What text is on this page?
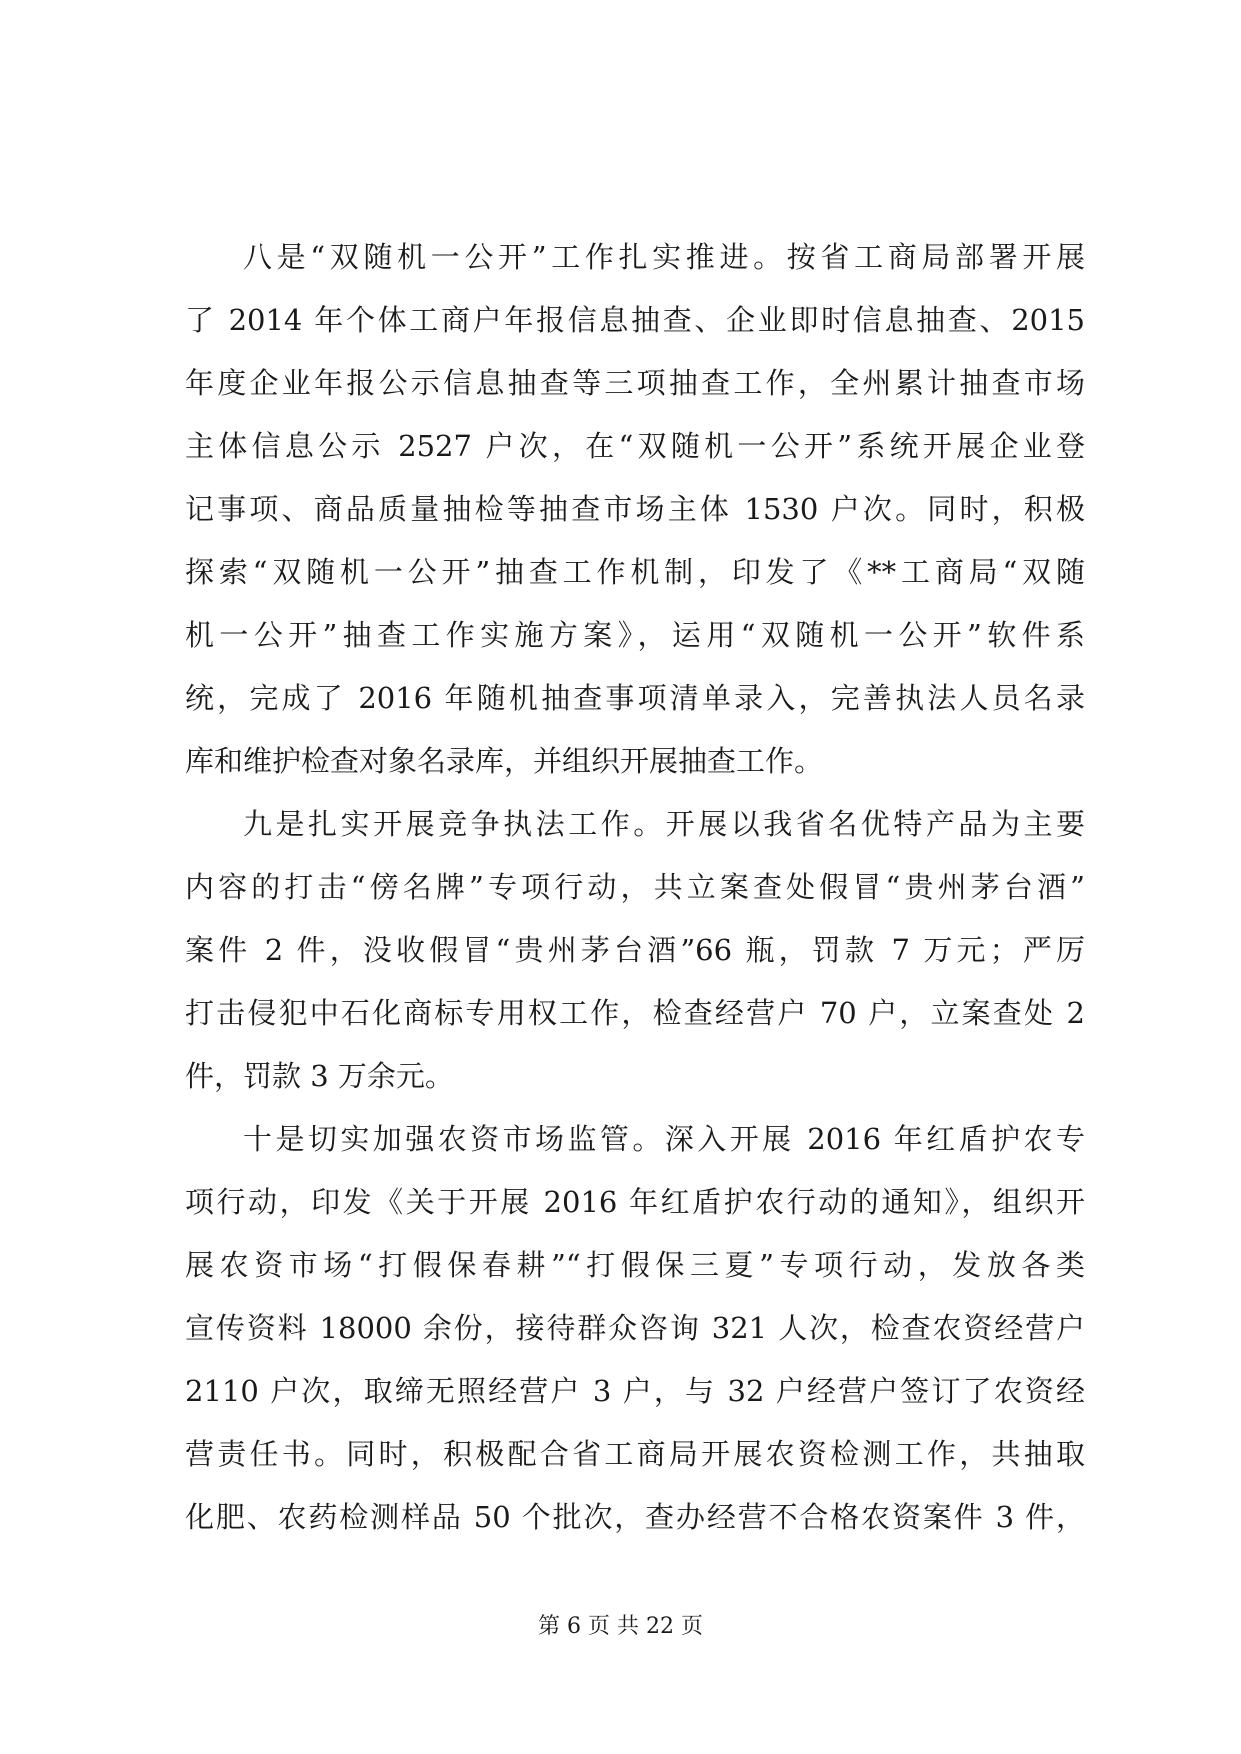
八是“双随机一公开”工作扎实推进。按省工商局部署开展
了 2014 年个体工商户年报信息抽查、企业即时信息抽查、2015
年度企业年报公示信息抽查等三项抽查工作，全州累计抽查市场
主体信息公示 2527 户次，在“双随机一公开”系统开展企业登
记事项、商品质量抽检等抽查市场主体 1530 户次。同时，积极
探索“双随机一公开”抽查工作机制，印发了《**工商局“双随
机一公开”抽查工作实施方案》，运用“双随机一公开”软件系
统，完成了 2016 年随机抽查事项清单录入，完善执法人员名录
库和维护检查对象名录库，并组织开展抽查工作。
九是扎实开展竞争执法工作。开展以我省名优特产品为主要
内容的打击“傍名牌”专项行动，共立案查处假冒“贵州茅台酒”
案件 2 件，没收假冒“贵州茅台酒”66 瓶，罚款 7 万元；严厉
打击侵犯中石化商标专用权工作，检查经营户 70 户，立案查处 2
件，罚款 3 万余元。
十是切实加强农资市场监管。深入开展 2016 年红盾护农专
项行动，印发《关于开展 2016 年红盾护农行动的通知》，组织开
展农资市场“打假保春耕”“打假保三夏”专项行动，发放各类
宣传资料 18000 余份，接待群众咨询 321 人次，检查农资经营户
2110 户次，取缔无照经营户 3 户，与 32 户经营户签订了农资经
营责任书。同时，积极配合省工商局开展农资检测工作，共抽取
化肥、农药检测样品 50 个批次，查办经营不合格农资案件 3 件，
第 6 页 共 22 页
